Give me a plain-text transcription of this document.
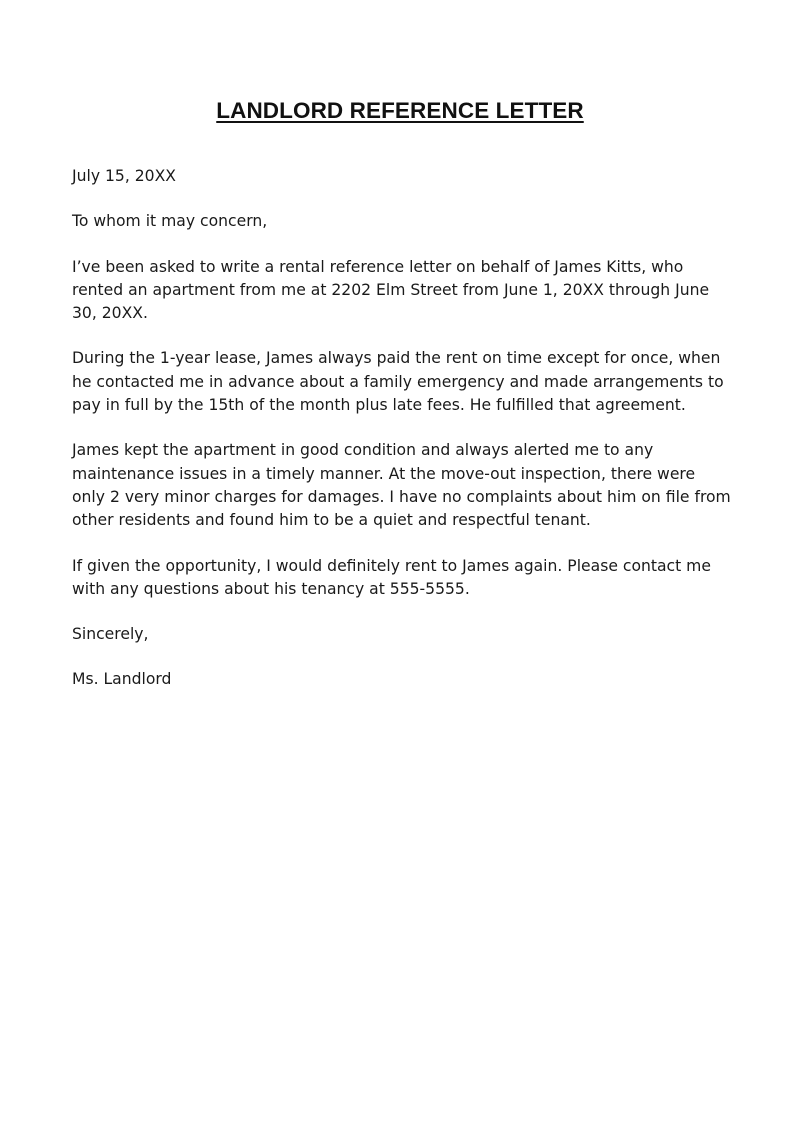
LANDLORD REFERENCE LETTER

July 15, 20XX

To whom it may concern,

I’ve been asked to write a rental reference letter on behalf of James Kitts, who rented an apartment from me at 2202 Elm Street from June 1, 20XX through June 30, 20XX.

During the 1-year lease, James always paid the rent on time except for once, when he contacted me in advance about a family emergency and made arrangements to pay in full by the 15th of the month plus late fees. He fulfilled that agreement.

James kept the apartment in good condition and always alerted me to any maintenance issues in a timely manner. At the move-out inspection, there were only 2 very minor charges for damages. I have no complaints about him on file from other residents and found him to be a quiet and respectful tenant.

If given the opportunity, I would definitely rent to James again. Please contact me with any questions about his tenancy at 555-5555.

Sincerely,

Ms. Landlord
